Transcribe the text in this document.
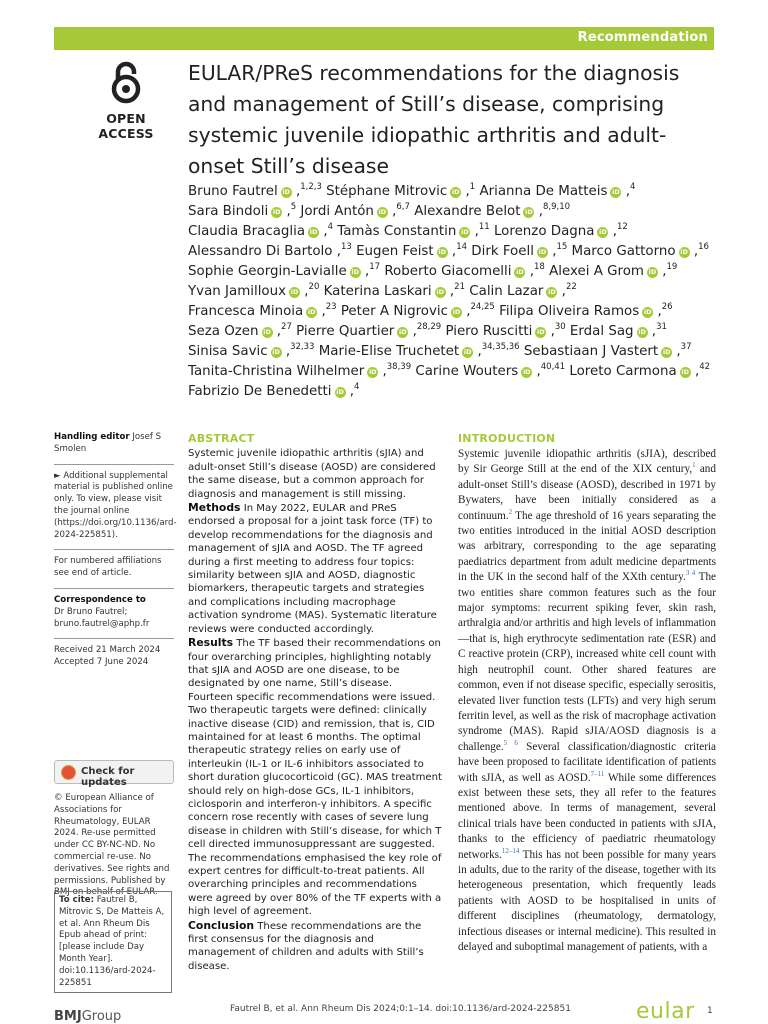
Recommendation
OPEN ACCESS
EULAR/PReS recommendations for the diagnosis and management of Still’s disease, comprising systemic juvenile idiopathic arthritis and adult-onset Still’s disease
Bruno Fautrel iD ,$^{1,2,3}$ Stéphane Mitrovic iD ,$^1$ Arianna De Matteis iD ,$^4$ Sara Bindoli iD ,$^5$ Jordi Antón iD ,$^{6,7}$ Alexandre Belot iD ,$^{8,9,10}$ Claudia Bracaglia iD ,$^4$ Tamàs Constantin iD ,$^{11}$ Lorenzo Dagna iD ,$^{12}$ Alessandro Di Bartolo ,$^{13}$ Eugen Feist iD ,$^{14}$ Dirk Foell iD ,$^{15}$ Marco Gattorno iD ,$^{16}$ Sophie Georgin-Lavialle iD ,$^{17}$ Roberto Giacomelli iD ,$^{18}$ Alexei A Grom iD ,$^{19}$ Yvan Jamilloux iD ,$^{20}$ Katerina Laskari iD ,$^{21}$ Calin Lazar iD ,$^{22}$ Francesca Minoia iD ,$^{23}$ Peter A Nigrovic iD ,$^{24,25}$ Filipa Oliveira Ramos iD ,$^{26}$ Seza Ozen iD ,$^{27}$ Pierre Quartier iD ,$^{28,29}$ Piero Ruscitti iD ,$^{30}$ Erdal Sag iD ,$^{31}$ Sinisa Savic iD ,$^{32,33}$ Marie-Elise Truchetet iD ,$^{34,35,36}$ Sebastiaan J Vastert iD ,$^{37}$ Tanita-Christina Wilhelmer iD ,$^{38,39}$ Carine Wouters iD ,$^{40,41}$ Loreto Carmona iD ,$^{42}$ Fabrizio De Benedetti iD ,$^4$

Handling editor Josef S Smolen

► Additional supplemental material is published online only. To view, please visit the journal online (https://doi.org/10.1136/ard-2024-225851).

For numbered affiliations see end of article.

Correspondence to

Dr Bruno Fautrel;

bruno.fautrel@aphp.fr

Received 21 March 2024

Accepted 7 June 2024

Check for updates

© European Alliance of Associations for Rheumatology, EULAR 2024. Re-use permitted under CC BY-NC-ND. No commercial re-use. No derivatives. See rights and permissions. Published by BMJ on behalf of EULAR.

To cite: Fautrel B, Mitrovic S, De Matteis A, et al. Ann Rheum Dis Epub ahead of print: [please include Day Month Year]. doi:10.1136/ard-2024-225851
ABSTRACT

Systemic juvenile idiopathic arthritis (sJIA) and adult-onset Still’s disease (AOSD) are considered the same disease, but a common approach for diagnosis and management is still missing.

Methods In May 2022, EULAR and PReS endorsed a proposal for a joint task force (TF) to develop recommendations for the diagnosis and management of sJIA and AOSD. The TF agreed during a first meeting to address four topics: similarity between sJIA and AOSD, diagnostic biomarkers, therapeutic targets and strategies and complications including macrophage activation syndrome (MAS). Systematic literature reviews were conducted accordingly.

Results The TF based their recommendations on four overarching principles, highlighting notably that sJIA and AOSD are one disease, to be designated by one name, Still’s disease.

Fourteen specific recommendations were issued. Two therapeutic targets were defined: clinically inactive disease (CID) and remission, that is, CID maintained for at least 6 months. The optimal therapeutic strategy relies on early use of interleukin (IL-1 or IL-6 inhibitors associated to short duration glucocorticoid (GC). MAS treatment should rely on high-dose GCs, IL-1 inhibitors, ciclosporin and interferon-γ inhibitors. A specific concern rose recently with cases of severe lung disease in children with Still’s disease, for which T cell directed immunosuppressant are suggested. The recommendations emphasised the key role of expert centres for difficult-to-treat patients. All overarching principles and recommendations were agreed by over 80% of the TF experts with a high level of agreement.

Conclusion These recommendations are the first consensus for the diagnosis and management of children and adults with Still’s disease.

INTRODUCTION

Systemic juvenile idiopathic arthritis (sJIA), described by Sir George Still at the end of the XIX century,$^1$ and adult-onset Still’s disease (AOSD), described in 1971 by Bywaters, have been initially considered as a continuum.$^2$ The age threshold of 16 years separating the two entities introduced in the initial AOSD description was arbitrary, corresponding to the age separating paediatrics department from adult medicine departments in the UK in the second half of the XXth century.$^{3 4}$ The two entities share common features such as the four major symptoms: recurrent spiking fever, skin rash, arthralgia and/or arthritis and high levels of inflammation—that is, high erythrocyte sedimentation rate (ESR) and C reactive protein (CRP), increased white cell count with high neutrophil count. Other shared features are common, even if not disease specific, especially serositis, elevated liver function tests (LFTs) and very high serum ferritin level, as well as the risk of macrophage activation syndrome (MAS). Rapid sJIA/AOSD diagnosis is a challenge.$^{5 6}$ Several classification/diagnostic criteria have been proposed to facilitate identification of patients with sJIA, as well as AOSD.$^{7-11}$ While some differences exist between these sets, they all refer to the features mentioned above. In terms of management, several clinical trials have been conducted in patients with sJIA, thanks to the efficiency of paediatric rheumatology networks.$^{12-14}$ This has not been possible for many years in adults, due to the rarity of the disease, together with its heterogeneous presentation, which frequently leads patients with AOSD to be hospitalised in units of different disciplines (rheumatology, dermatology, infectious diseases or internal medicine). This resulted in delayed and suboptimal management of patients, with a

BMJGroup	Fautrel B, et al. Ann Rheum Dis 2024;0:1–14. doi:10.1136/ard-2024-225851	eular 1
